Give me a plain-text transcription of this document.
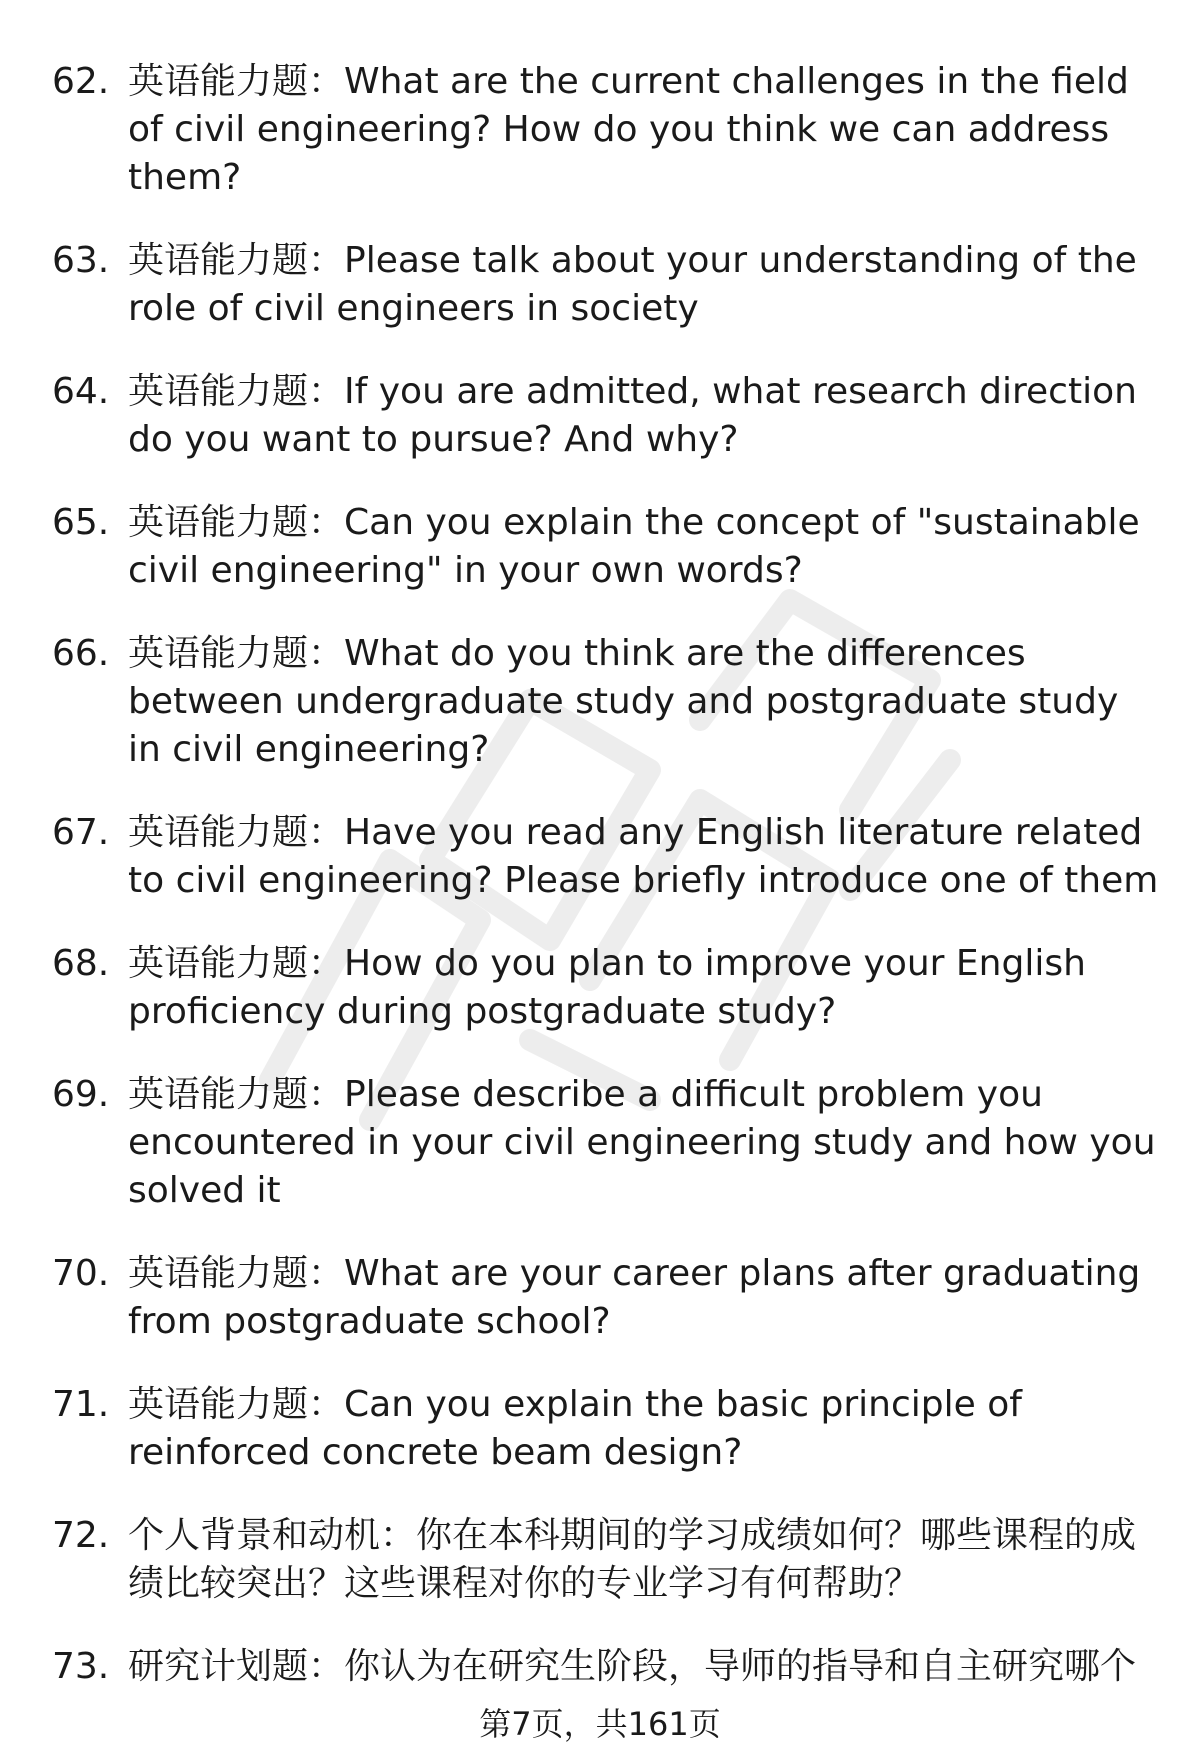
62. 英语能力题：What are the current challenges in the field of civil engineering? How do you think we can address them?
63. 英语能力题：Please talk about your understanding of the role of civil engineers in society
64. 英语能力题：If you are admitted, what research direction do you want to pursue? And why?
65. 英语能力题：Can you explain the concept of "sustainable civil engineering" in your own words?
66. 英语能力题：What do you think are the differences between undergraduate study and postgraduate study in civil engineering?
67. 英语能力题：Have you read any English literature related to civil engineering? Please briefly introduce one of them
68. 英语能力题：How do you plan to improve your English proficiency during postgraduate study?
69. 英语能力题：Please describe a difficult problem you encountered in your civil engineering study and how you solved it
70. 英语能力题：What are your career plans after graduating from postgraduate school?
71. 英语能力题：Can you explain the basic principle of reinforced concrete beam design?
72. 个人背景和动机：你在本科期间的学习成绩如何？哪些课程的成绩比较突出？这些课程对你的专业学习有何帮助？
73. 研究计划题：你认为在研究生阶段，导师的指导和自主研究哪个
第7页，共161页
